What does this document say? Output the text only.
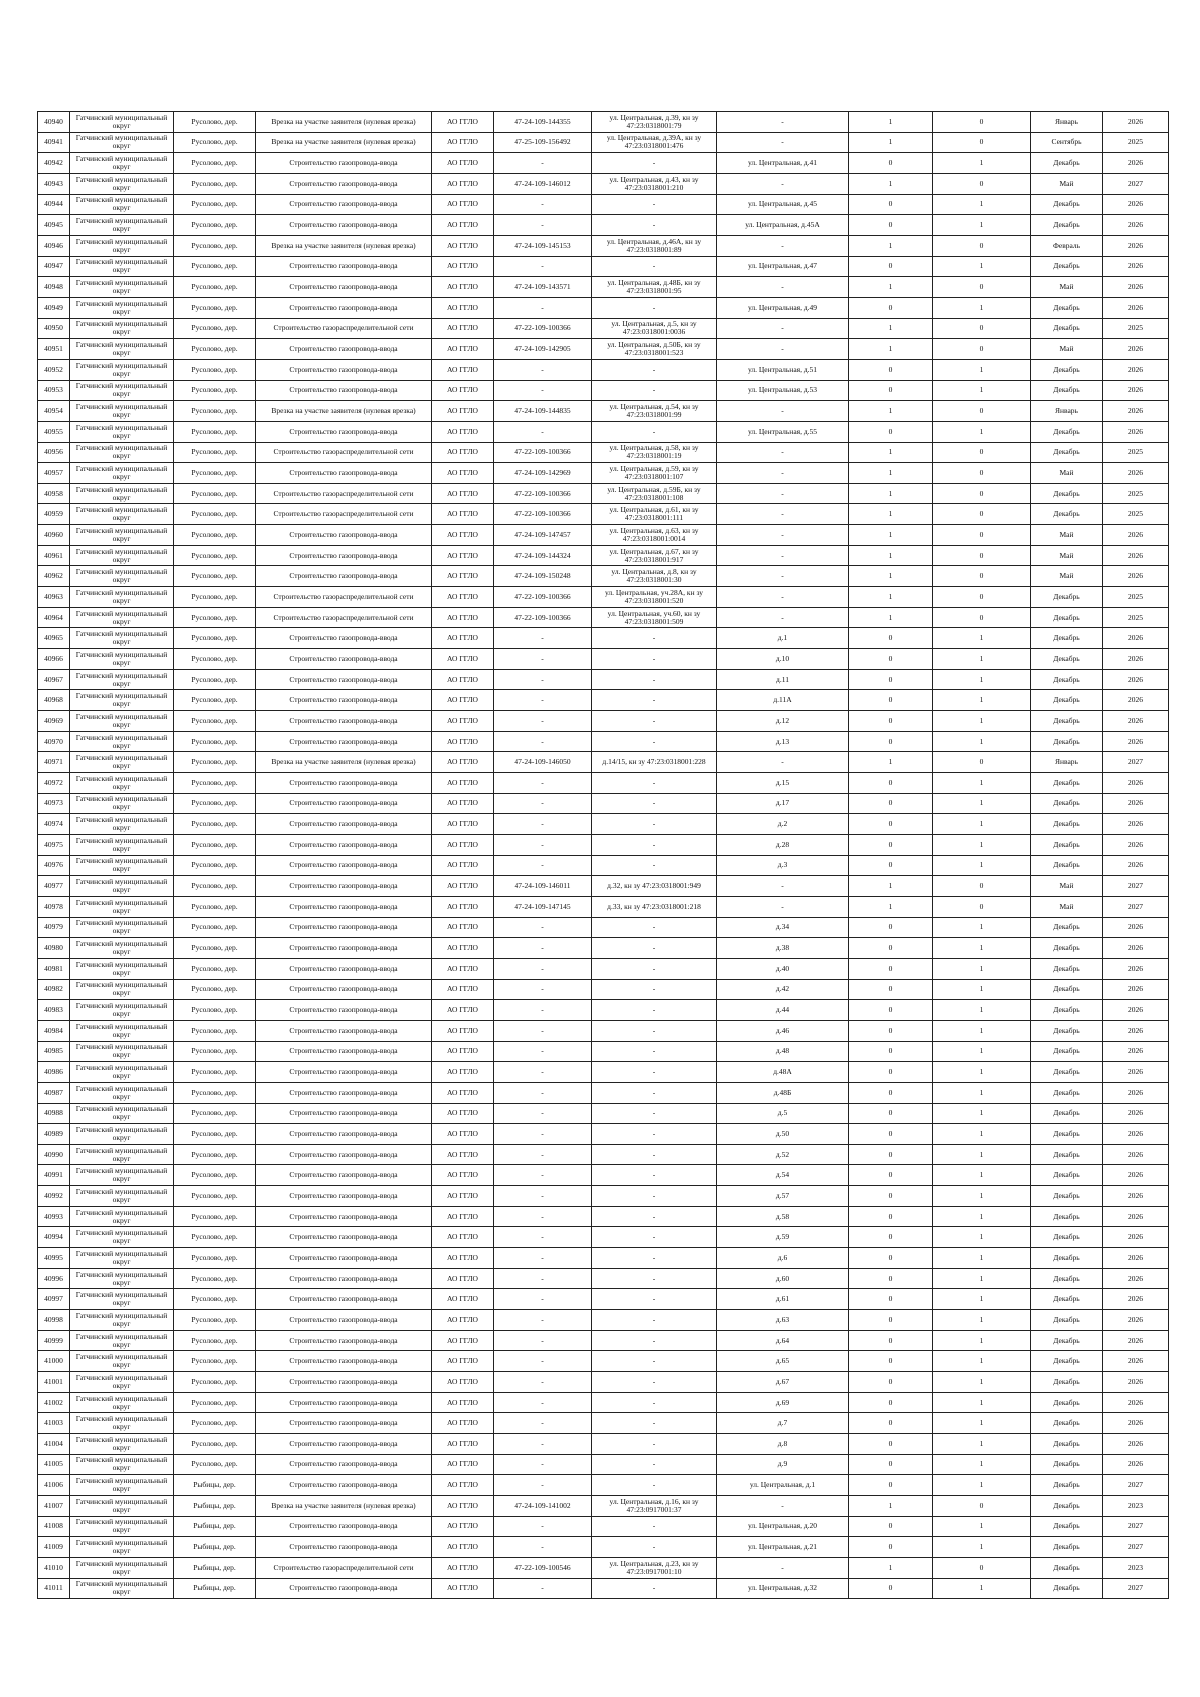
40940	Гатчинский муниципальный округ	Русолово, дер.	Врезка на участке заявителя (нулевая врезка)	АО ГГЛО	47-24-109-144355	ул. Центральная, д.39, кн зу 47:23:0318001:79	-	1	0	Январь	2026
40941	Гатчинский муниципальный округ	Русолово, дер.	Врезка на участке заявителя (нулевая врезка)	АО ГГЛО	47-25-109-156492	ул. Центральная, д.39А, кн зу 47:23:0318001:476	-	1	0	Сентябрь	2025
40942	Гатчинский муниципальный округ	Русолово, дер.	Строительство газопровода-ввода	АО ГГЛО	-	-	ул. Центральная, д.41	0	1	Декабрь	2026
40943	Гатчинский муниципальный округ	Русолово, дер.	Строительство газопровода-ввода	АО ГГЛО	47-24-109-146012	ул. Центральная, д.43, кн зу 47:23:0318001:210	-	1	0	Май	2027
40944	Гатчинский муниципальный округ	Русолово, дер.	Строительство газопровода-ввода	АО ГГЛО	-	-	ул. Центральная, д.45	0	1	Декабрь	2026
40945	Гатчинский муниципальный округ	Русолово, дер.	Строительство газопровода-ввода	АО ГГЛО	-	-	ул. Центральная, д.45А	0	1	Декабрь	2026
40946	Гатчинский муниципальный округ	Русолово, дер.	Врезка на участке заявителя (нулевая врезка)	АО ГГЛО	47-24-109-145153	ул. Центральная, д.46А, кн зу 47:23:0318001:89	-	1	0	Февраль	2026
40947	Гатчинский муниципальный округ	Русолово, дер.	Строительство газопровода-ввода	АО ГГЛО	-	-	ул. Центральная, д.47	0	1	Декабрь	2026
40948	Гатчинский муниципальный округ	Русолово, дер.	Строительство газопровода-ввода	АО ГГЛО	47-24-109-143571	ул. Центральная, д.48Б, кн зу 47:23:0318001:95	-	1	0	Май	2026
40949	Гатчинский муниципальный округ	Русолово, дер.	Строительство газопровода-ввода	АО ГГЛО	-	-	ул. Центральная, д.49	0	1	Декабрь	2026
40950	Гатчинский муниципальный округ	Русолово, дер.	Строительство газораспределительной сети	АО ГГЛО	47-22-109-100366	ул. Центральная, д.5, кн зу 47:23:0318001:0036	-	1	0	Декабрь	2025
40951	Гатчинский муниципальный округ	Русолово, дер.	Строительство газопровода-ввода	АО ГГЛО	47-24-109-142905	ул. Центральная, д.50Б, кн зу 47:23:0318001:523	-	1	0	Май	2026
40952	Гатчинский муниципальный округ	Русолово, дер.	Строительство газопровода-ввода	АО ГГЛО	-	-	ул. Центральная, д.51	0	1	Декабрь	2026
40953	Гатчинский муниципальный округ	Русолово, дер.	Строительство газопровода-ввода	АО ГГЛО	-	-	ул. Центральная, д.53	0	1	Декабрь	2026
40954	Гатчинский муниципальный округ	Русолово, дер.	Врезка на участке заявителя (нулевая врезка)	АО ГГЛО	47-24-109-144835	ул. Центральная, д.54, кн зу 47:23:0318001:99	-	1	0	Январь	2026
40955	Гатчинский муниципальный округ	Русолово, дер.	Строительство газопровода-ввода	АО ГГЛО	-	-	ул. Центральная, д.55	0	1	Декабрь	2026
40956	Гатчинский муниципальный округ	Русолово, дер.	Строительство газораспределительной сети	АО ГГЛО	47-22-109-100366	ул. Центральная, д.58, кн зу 47:23:0318001:19	-	1	0	Декабрь	2025
40957	Гатчинский муниципальный округ	Русолово, дер.	Строительство газопровода-ввода	АО ГГЛО	47-24-109-142969	ул. Центральная, д.59, кн зу 47:23:0318001:107	-	1	0	Май	2026
40958	Гатчинский муниципальный округ	Русолово, дер.	Строительство газораспределительной сети	АО ГГЛО	47-22-109-100366	ул. Центральная, д.59Б, кн зу 47:23:0318001:108	-	1	0	Декабрь	2025
40959	Гатчинский муниципальный округ	Русолово, дер.	Строительство газораспределительной сети	АО ГГЛО	47-22-109-100366	ул. Центральная, д.61, кн зу 47:23:0318001:111	-	1	0	Декабрь	2025
40960	Гатчинский муниципальный округ	Русолово, дер.	Строительство газопровода-ввода	АО ГГЛО	47-24-109-147457	ул. Центральная, д.63, кн зу 47:23:0318001:0014	-	1	0	Май	2026
40961	Гатчинский муниципальный округ	Русолово, дер.	Строительство газопровода-ввода	АО ГГЛО	47-24-109-144324	ул. Центральная, д.67, кн зу 47:23:0318001:917	-	1	0	Май	2026
40962	Гатчинский муниципальный округ	Русолово, дер.	Строительство газопровода-ввода	АО ГГЛО	47-24-109-150248	ул. Центральная, д.8, кн зу 47:23:0318001:30	-	1	0	Май	2026
40963	Гатчинский муниципальный округ	Русолово, дер.	Строительство газораспределительной сети	АО ГГЛО	47-22-109-100366	ул. Центральная, уч.28А, кн зу 47:23:0318001:520	-	1	0	Декабрь	2025
40964	Гатчинский муниципальный округ	Русолово, дер.	Строительство газораспределительной сети	АО ГГЛО	47-22-109-100366	ул. Центральная, уч.60, кн зу 47:23:0318001:509	-	1	0	Декабрь	2025
40965	Гатчинский муниципальный округ	Русолово, дер.	Строительство газопровода-ввода	АО ГГЛО	-	-	д.1	0	1	Декабрь	2026
40966	Гатчинский муниципальный округ	Русолово, дер.	Строительство газопровода-ввода	АО ГГЛО	-	-	д.10	0	1	Декабрь	2026
40967	Гатчинский муниципальный округ	Русолово, дер.	Строительство газопровода-ввода	АО ГГЛО	-	-	д.11	0	1	Декабрь	2026
40968	Гатчинский муниципальный округ	Русолово, дер.	Строительство газопровода-ввода	АО ГГЛО	-	-	д.11А	0	1	Декабрь	2026
40969	Гатчинский муниципальный округ	Русолово, дер.	Строительство газопровода-ввода	АО ГГЛО	-	-	д.12	0	1	Декабрь	2026
40970	Гатчинский муниципальный округ	Русолово, дер.	Строительство газопровода-ввода	АО ГГЛО	-	-	д.13	0	1	Декабрь	2026
40971	Гатчинский муниципальный округ	Русолово, дер.	Врезка на участке заявителя (нулевая врезка)	АО ГГЛО	47-24-109-146050	д.14/15, кн зу 47:23:0318001:228	-	1	0	Январь	2027
40972	Гатчинский муниципальный округ	Русолово, дер.	Строительство газопровода-ввода	АО ГГЛО	-	-	д.15	0	1	Декабрь	2026
40973	Гатчинский муниципальный округ	Русолово, дер.	Строительство газопровода-ввода	АО ГГЛО	-	-	д.17	0	1	Декабрь	2026
40974	Гатчинский муниципальный округ	Русолово, дер.	Строительство газопровода-ввода	АО ГГЛО	-	-	д.2	0	1	Декабрь	2026
40975	Гатчинский муниципальный округ	Русолово, дер.	Строительство газопровода-ввода	АО ГГЛО	-	-	д.28	0	1	Декабрь	2026
40976	Гатчинский муниципальный округ	Русолово, дер.	Строительство газопровода-ввода	АО ГГЛО	-	-	д.3	0	1	Декабрь	2026
40977	Гатчинский муниципальный округ	Русолово, дер.	Строительство газопровода-ввода	АО ГГЛО	47-24-109-146011	д.32, кн зу 47:23:0318001:949	-	1	0	Май	2027
40978	Гатчинский муниципальный округ	Русолово, дер.	Строительство газопровода-ввода	АО ГГЛО	47-24-109-147145	д.33, кн зу 47:23:0318001:218	-	1	0	Май	2027
40979	Гатчинский муниципальный округ	Русолово, дер.	Строительство газопровода-ввода	АО ГГЛО	-	-	д.34	0	1	Декабрь	2026
40980	Гатчинский муниципальный округ	Русолово, дер.	Строительство газопровода-ввода	АО ГГЛО	-	-	д.38	0	1	Декабрь	2026
40981	Гатчинский муниципальный округ	Русолово, дер.	Строительство газопровода-ввода	АО ГГЛО	-	-	д.40	0	1	Декабрь	2026
40982	Гатчинский муниципальный округ	Русолово, дер.	Строительство газопровода-ввода	АО ГГЛО	-	-	д.42	0	1	Декабрь	2026
40983	Гатчинский муниципальный округ	Русолово, дер.	Строительство газопровода-ввода	АО ГГЛО	-	-	д.44	0	1	Декабрь	2026
40984	Гатчинский муниципальный округ	Русолово, дер.	Строительство газопровода-ввода	АО ГГЛО	-	-	д.46	0	1	Декабрь	2026
40985	Гатчинский муниципальный округ	Русолово, дер.	Строительство газопровода-ввода	АО ГГЛО	-	-	д.48	0	1	Декабрь	2026
40986	Гатчинский муниципальный округ	Русолово, дер.	Строительство газопровода-ввода	АО ГГЛО	-	-	д.48А	0	1	Декабрь	2026
40987	Гатчинский муниципальный округ	Русолово, дер.	Строительство газопровода-ввода	АО ГГЛО	-	-	д.48Б	0	1	Декабрь	2026
40988	Гатчинский муниципальный округ	Русолово, дер.	Строительство газопровода-ввода	АО ГГЛО	-	-	д.5	0	1	Декабрь	2026
40989	Гатчинский муниципальный округ	Русолово, дер.	Строительство газопровода-ввода	АО ГГЛО	-	-	д.50	0	1	Декабрь	2026
40990	Гатчинский муниципальный округ	Русолово, дер.	Строительство газопровода-ввода	АО ГГЛО	-	-	д.52	0	1	Декабрь	2026
40991	Гатчинский муниципальный округ	Русолово, дер.	Строительство газопровода-ввода	АО ГГЛО	-	-	д.54	0	1	Декабрь	2026
40992	Гатчинский муниципальный округ	Русолово, дер.	Строительство газопровода-ввода	АО ГГЛО	-	-	д.57	0	1	Декабрь	2026
40993	Гатчинский муниципальный округ	Русолово, дер.	Строительство газопровода-ввода	АО ГГЛО	-	-	д.58	0	1	Декабрь	2026
40994	Гатчинский муниципальный округ	Русолово, дер.	Строительство газопровода-ввода	АО ГГЛО	-	-	д.59	0	1	Декабрь	2026
40995	Гатчинский муниципальный округ	Русолово, дер.	Строительство газопровода-ввода	АО ГГЛО	-	-	д.6	0	1	Декабрь	2026
40996	Гатчинский муниципальный округ	Русолово, дер.	Строительство газопровода-ввода	АО ГГЛО	-	-	д.60	0	1	Декабрь	2026
40997	Гатчинский муниципальный округ	Русолово, дер.	Строительство газопровода-ввода	АО ГГЛО	-	-	д.61	0	1	Декабрь	2026
40998	Гатчинский муниципальный округ	Русолово, дер.	Строительство газопровода-ввода	АО ГГЛО	-	-	д.63	0	1	Декабрь	2026
40999	Гатчинский муниципальный округ	Русолово, дер.	Строительство газопровода-ввода	АО ГГЛО	-	-	д.64	0	1	Декабрь	2026
41000	Гатчинский муниципальный округ	Русолово, дер.	Строительство газопровода-ввода	АО ГГЛО	-	-	д.65	0	1	Декабрь	2026
41001	Гатчинский муниципальный округ	Русолово, дер.	Строительство газопровода-ввода	АО ГГЛО	-	-	д.67	0	1	Декабрь	2026
41002	Гатчинский муниципальный округ	Русолово, дер.	Строительство газопровода-ввода	АО ГГЛО	-	-	д.69	0	1	Декабрь	2026
41003	Гатчинский муниципальный округ	Русолово, дер.	Строительство газопровода-ввода	АО ГГЛО	-	-	д.7	0	1	Декабрь	2026
41004	Гатчинский муниципальный округ	Русолово, дер.	Строительство газопровода-ввода	АО ГГЛО	-	-	д.8	0	1	Декабрь	2026
41005	Гатчинский муниципальный округ	Русолово, дер.	Строительство газопровода-ввода	АО ГГЛО	-	-	д.9	0	1	Декабрь	2026
41006	Гатчинский муниципальный округ	Рыбицы, дер.	Строительство газопровода-ввода	АО ГГЛО	-	-	ул. Центральная, д.1	0	1	Декабрь	2027
41007	Гатчинский муниципальный округ	Рыбицы, дер.	Врезка на участке заявителя (нулевая врезка)	АО ГГЛО	47-24-109-141002	ул. Центральная, д.16, кн зу 47:23:0917001:37	-	1	0	Декабрь	2023
41008	Гатчинский муниципальный округ	Рыбицы, дер.	Строительство газопровода-ввода	АО ГГЛО	-	-	ул. Центральная, д.20	0	1	Декабрь	2027
41009	Гатчинский муниципальный округ	Рыбицы, дер.	Строительство газопровода-ввода	АО ГГЛО	-	-	ул. Центральная, д.21	0	1	Декабрь	2027
41010	Гатчинский муниципальный округ	Рыбицы, дер.	Строительство газораспределительной сети	АО ГГЛО	47-22-109-100546	ул. Центральная, д.23, кн зу 47:23:0917001:10	-	1	0	Декабрь	2023
41011	Гатчинский муниципальный округ	Рыбицы, дер.	Строительство газопровода-ввода	АО ГГЛО	-	-	ул. Центральная, д.32	0	1	Декабрь	2027
